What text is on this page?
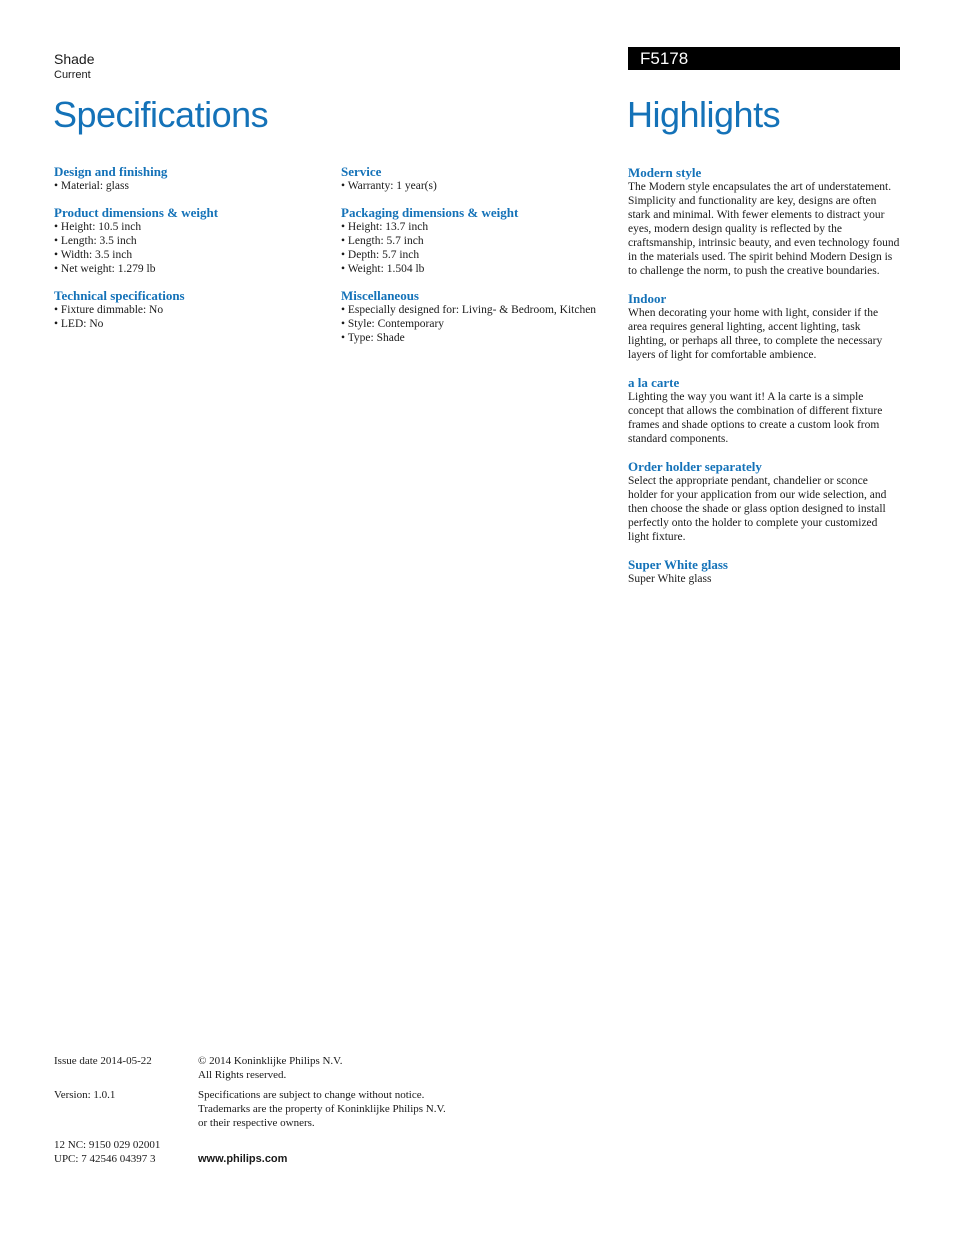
Shade
Current
F5178
Specifications	Highlights
Design and finishing
• Material: glass
Product dimensions & weight
• Height: 10.5 inch
• Length: 3.5 inch
• Width: 3.5 inch
• Net weight: 1.279 lb
Technical specifications
• Fixture dimmable: No
• LED: No
Service
• Warranty: 1 year(s)
Packaging dimensions & weight
• Height: 13.7 inch
• Length: 5.7 inch
• Depth: 5.7 inch
• Weight: 1.504 lb
Miscellaneous
• Especially designed for: Living- & Bedroom, Kitchen
• Style: Contemporary
• Type: Shade
Modern style

The Modern style encapsulates the art of understatement. Simplicity and functionality are key, designs are often stark and minimal. With fewer elements to distract your eyes, modern design quality is reflected by the craftsmanship, intrinsic beauty, and even technology found in the materials used. The spirit behind Modern Design is to challenge the norm, to push the creative boundaries.

Indoor

When decorating your home with light, consider if the area requires general lighting, accent lighting, task lighting, or perhaps all three, to complete the necessary layers of light for comfortable ambience.

a la carte

Lighting the way you want it! A la carte is a simple concept that allows the combination of different fixture frames and shade options to create a custom look from standard components.

Order holder separately

Select the appropriate pendant, chandelier or sconce holder for your application from our wide selection, and then choose the shade or glass option designed to install perfectly onto the holder to complete your customized light fixture.

Super White glass

Super White glass

Issue date 2014-05-22	© 2014 Koninklijke Philips N.V.
All Rights reserved.
Version: 1.0.1	Specifications are subject to change without notice.
Trademarks are the property of Koninklijke Philips N.V.
or their respective owners.
12 NC: 9150 029 02001
UPC: 7 42546 04397 3	www.philips.com
